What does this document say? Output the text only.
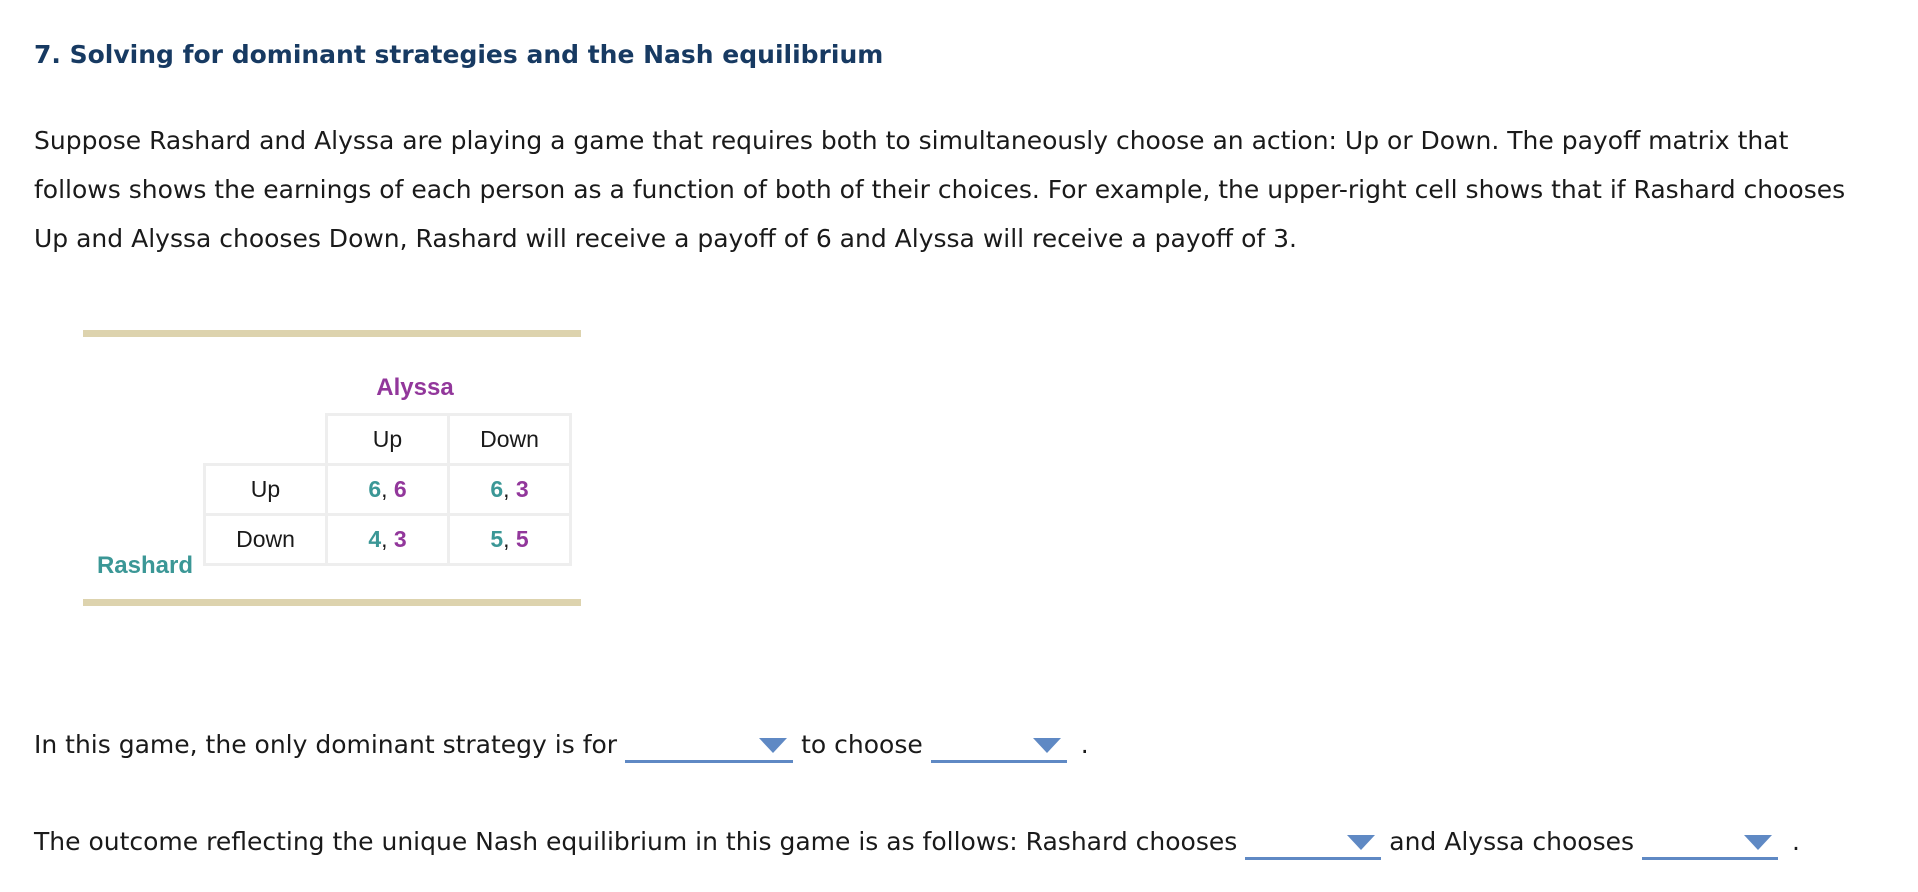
7. Solving for dominant strategies and the Nash equilibrium

Suppose Rashard and Alyssa are playing a game that requires both to simultaneously choose an action: Up or Down. The payoff matrix that follows shows the earnings of each person as a function of both of their choices. For example, the upper-right cell shows that if Rashard chooses Up and Alyssa chooses Down, Rashard will receive a payoff of 6 and Alyssa will receive a payoff of 3.

Alyssa
Rashard
	Up	Down
Up	6, 6	6, 3
Down	4, 3	5, 5
In this game, the only dominant strategy is for	to choose	.
The outcome reflecting the unique Nash equilibrium in this game is as follows: Rashard chooses	and Alyssa chooses	.
